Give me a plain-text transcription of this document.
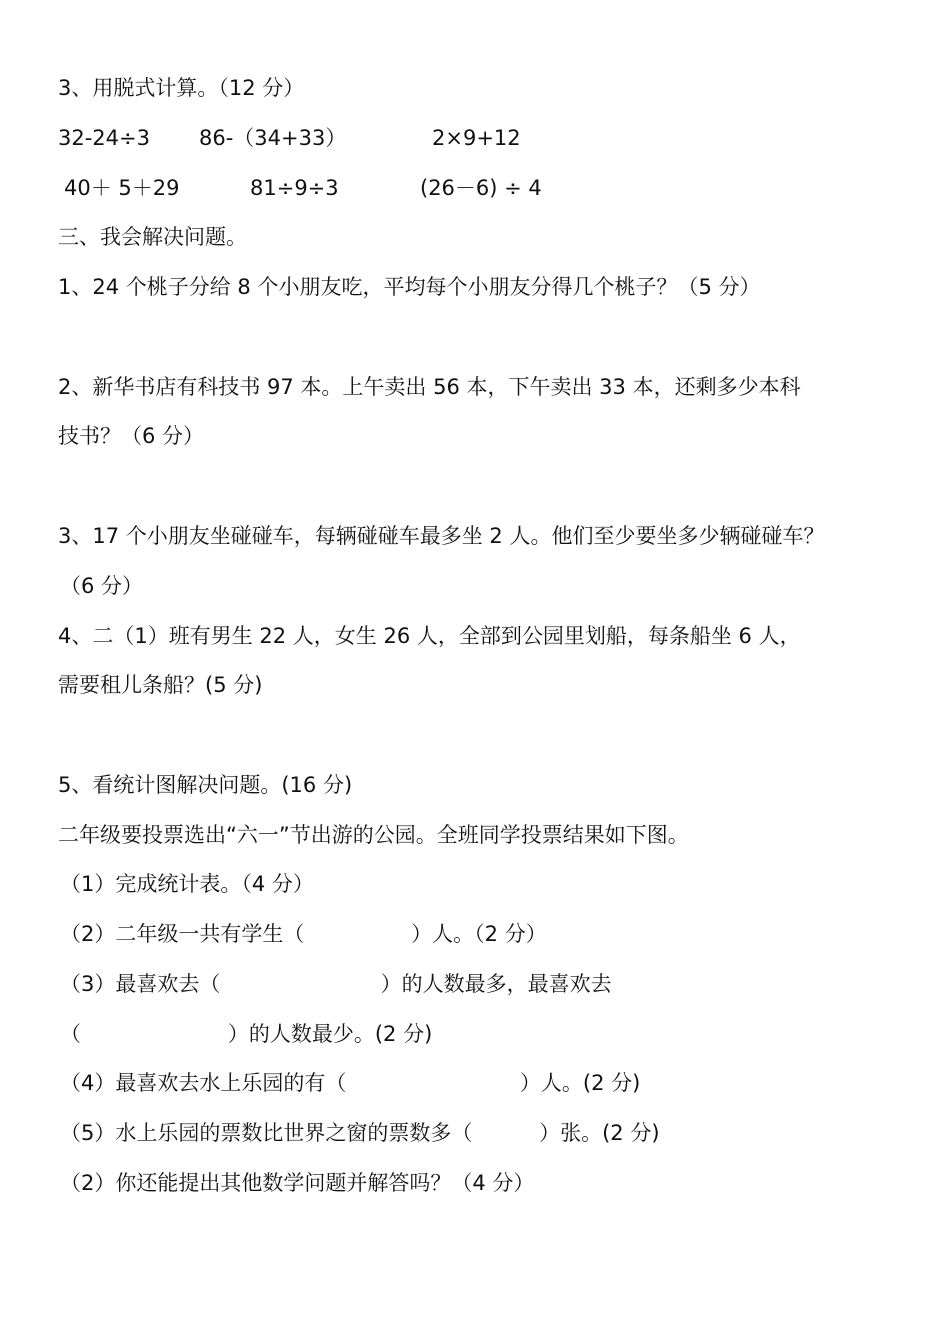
3、用脱式计算。（12 分）

32-24÷3

86-（34+33）

	2×9+12

40＋ 5＋29

	81÷9÷3

	(26－6) ÷ 4

三、我会解决问题。
1、24 个桃子分给 8 个小朋友吃，平均每个小朋友分得几个桃子？（5 分）
2、新华书店有科技书 97 本。上午卖出 56 本，下午卖出 33 本，还剩多少本科
技书？（6 分）
3、17 个小朋友坐碰碰车，每辆碰碰车最多坐 2 人。他们至少要坐多少辆碰碰车？
（6 分）
4、二（1）班有男生 22 人，女生 26 人，全部到公园里划船，每条船坐 6 人，
需要租儿条船？(5 分)
5、看统计图解决问题。(16 分)
二年级要投票选出“六一”节出游的公园。全班同学投票结果如下图。
（1）完成统计表。（4 分）
（2）二年级一共有学生（                ）人。（2 分）
（3）最喜欢去（                        ）的人数最多，最喜欢去
（                      ）的人数最少。(2 分)
（4）最喜欢去水上乐园的有（                          ）人。(2 分)
（5）水上乐园的票数比世界之窗的票数多（          ）张。(2 分)
（2）你还能提出其他数学问题并解答吗？（4 分）
